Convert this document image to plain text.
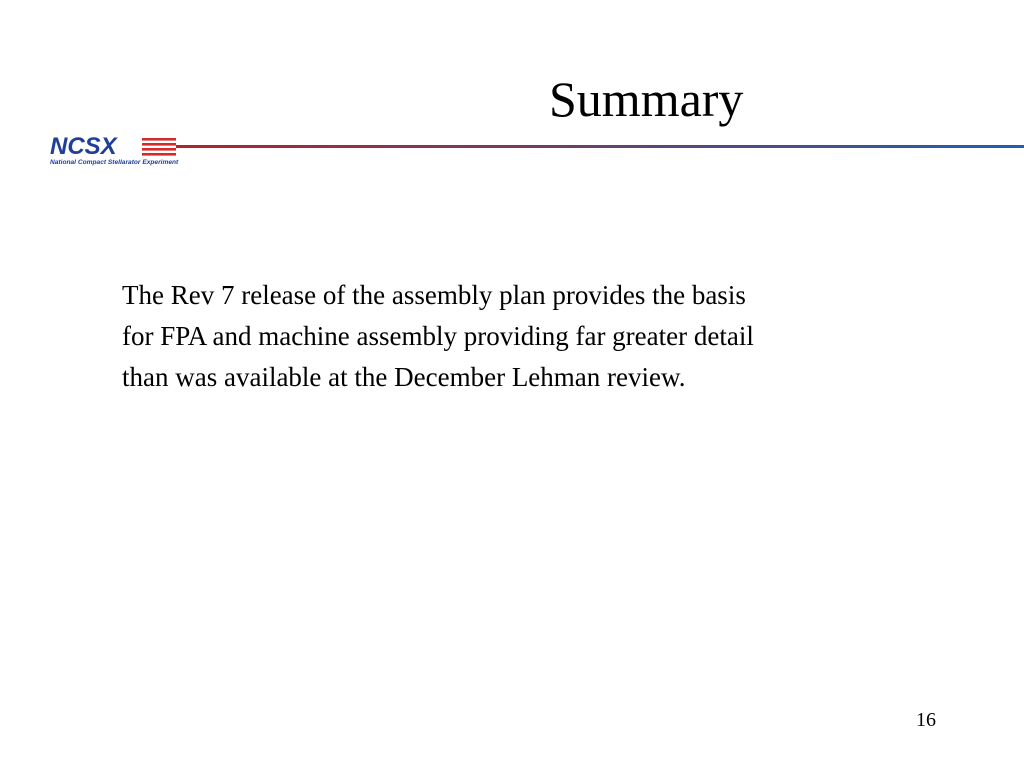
NCSX
National Compact Stellarator Experiment
Summary
The Rev 7 release of the assembly plan provides the basis
for FPA and machine assembly providing far greater detail
than was available at the December Lehman review.
16
